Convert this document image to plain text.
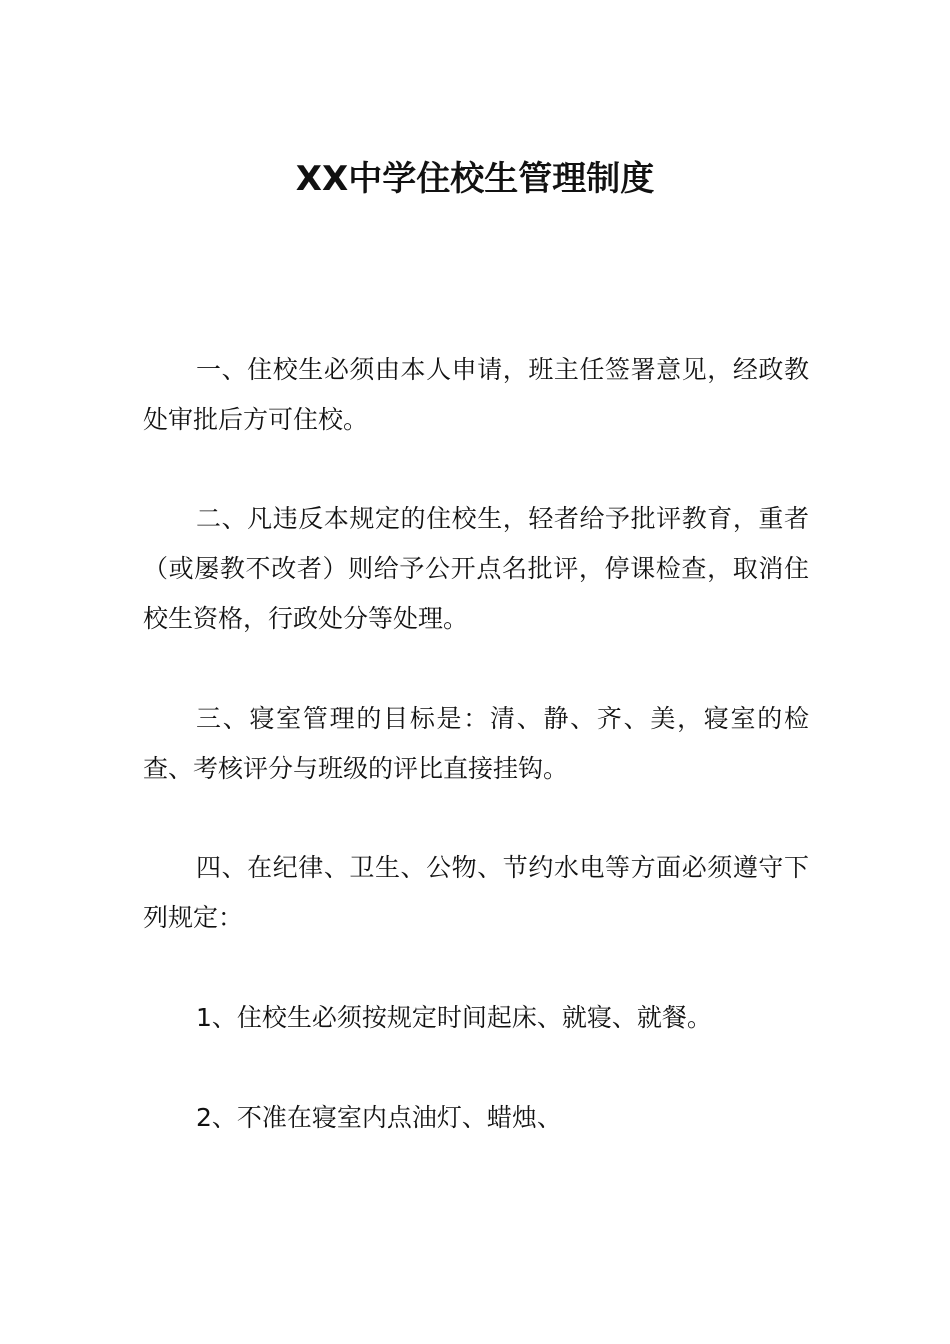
XX中学住校生管理制度

一、住校生必须由本人申请，班主任签署意见，经政教处审批后方可住校。

二、凡违反本规定的住校生，轻者给予批评教育，重者（或屡教不改者）则给予公开点名批评，停课检查，取消住校生资格，行政处分等处理。

三、寝室管理的目标是：清、静、齐、美，寝室的检查、考核评分与班级的评比直接挂钩。

四、在纪律、卫生、公物、节约水电等方面必须遵守下列规定：

1、住校生必须按规定时间起床、就寝、就餐。

2、不准在寝室内点油灯、蜡烛、
